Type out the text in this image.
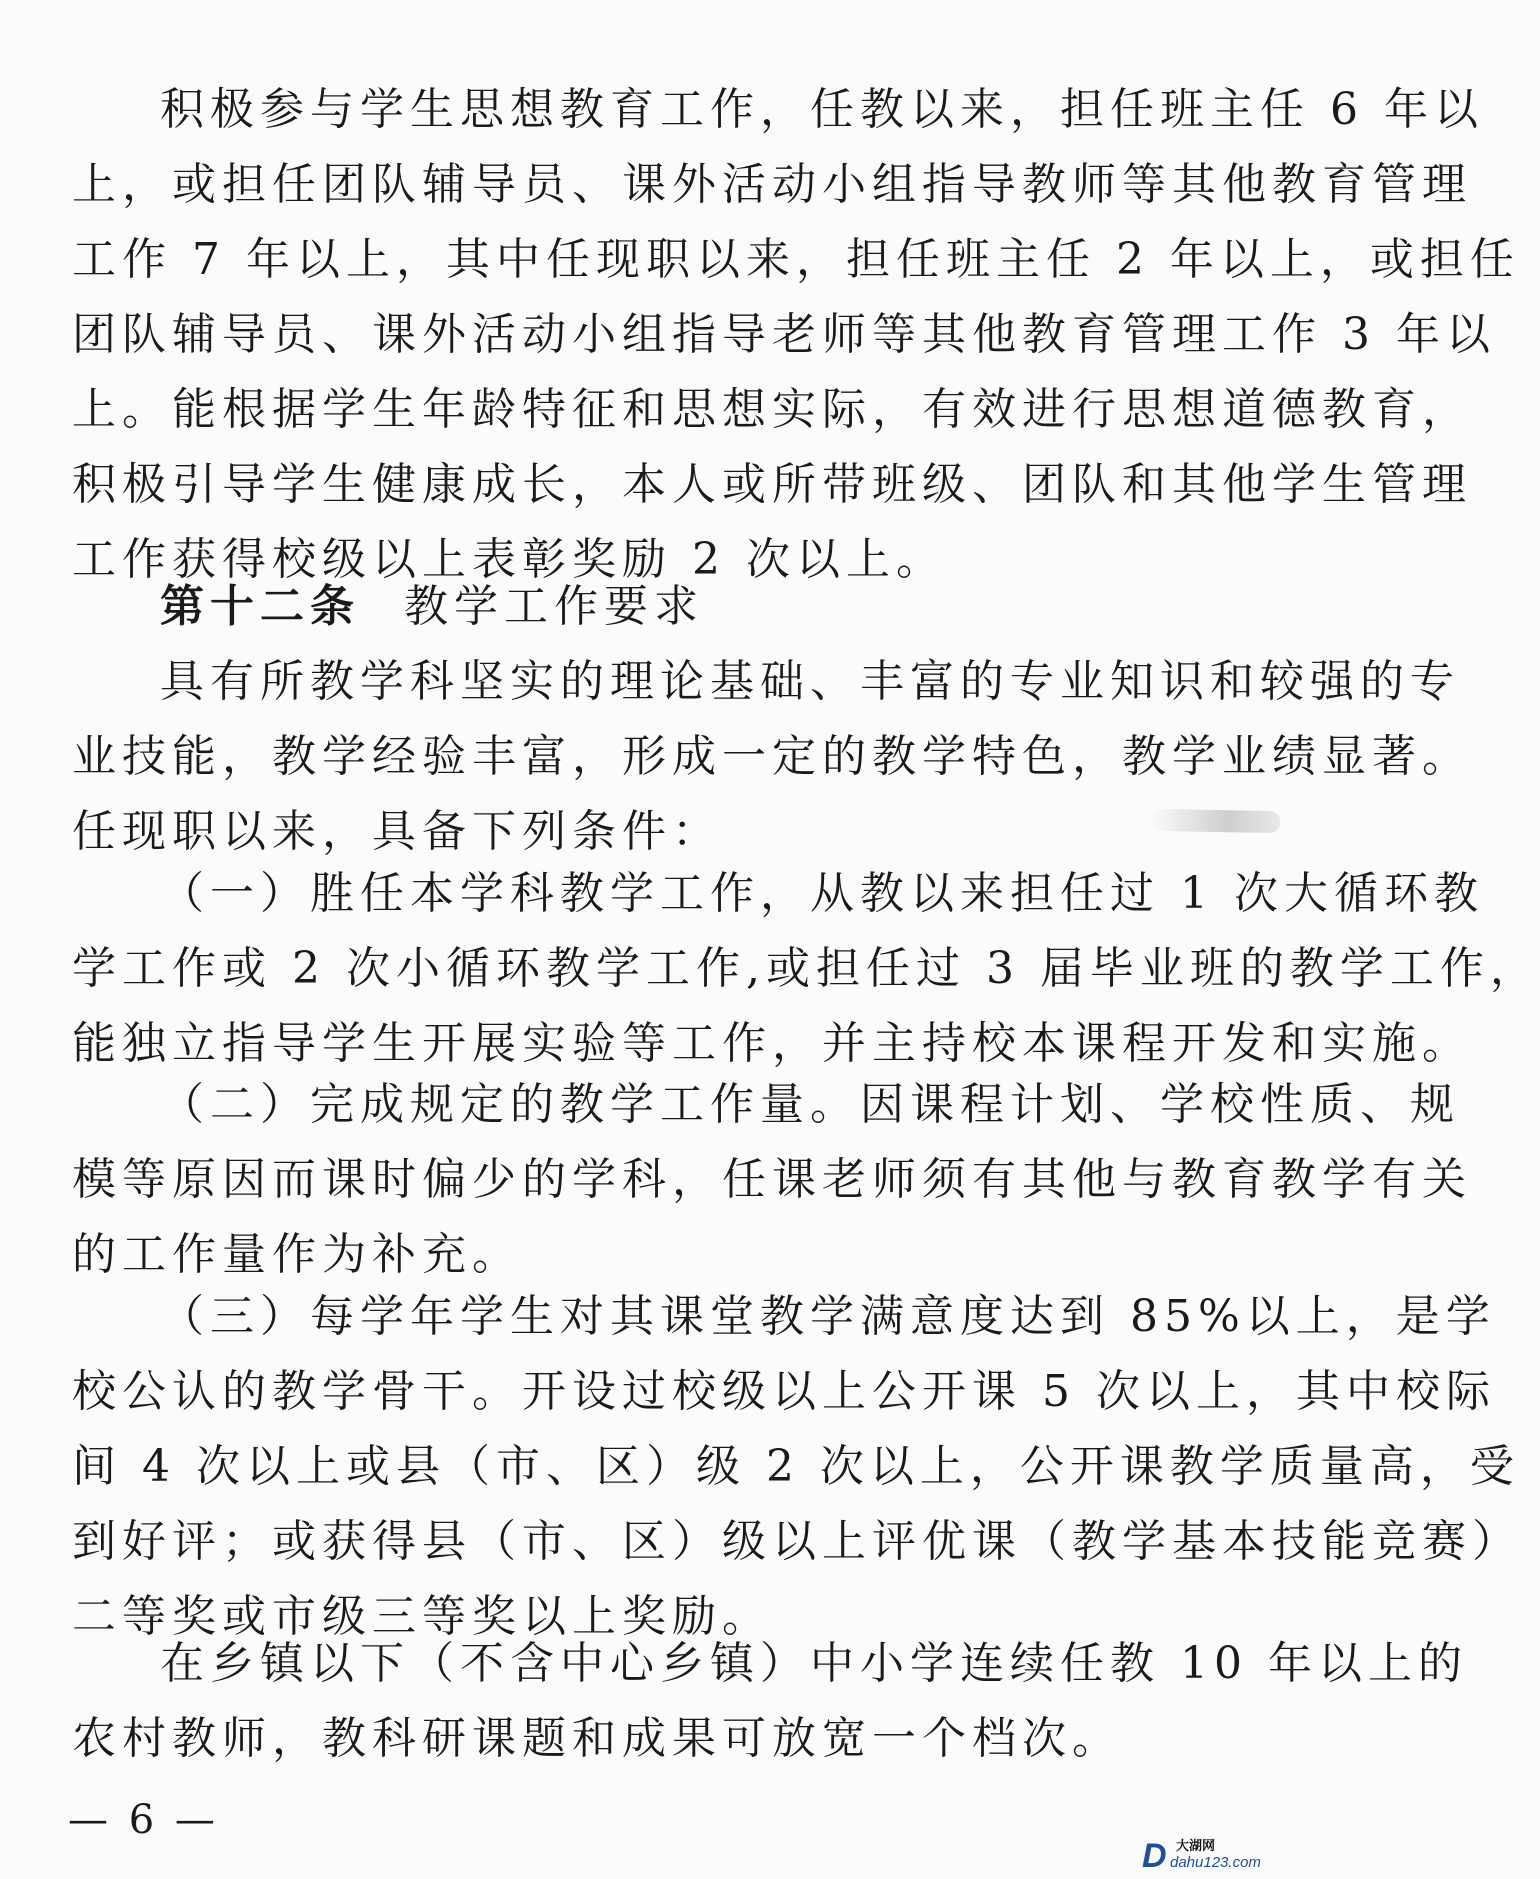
积极参与学生思想教育工作，任教以来，担任班主任 6 年以
上，或担任团队辅导员、课外活动小组指导教师等其他教育管理
工作 7 年以上，其中任现职以来，担任班主任 2 年以上，或担任
团队辅导员、课外活动小组指导老师等其他教育管理工作 3 年以
上。能根据学生年龄特征和思想实际，有效进行思想道德教育，
积极引导学生健康成长，本人或所带班级、团队和其他学生管理
工作获得校级以上表彰奖励 2 次以上。
第十二条 教学工作要求
具有所教学科坚实的理论基础、丰富的专业知识和较强的专
业技能，教学经验丰富，形成一定的教学特色，教学业绩显著。
任现职以来，具备下列条件：
（一）胜任本学科教学工作，从教以来担任过 1 次大循环教
学工作或 2 次小循环教学工作,或担任过 3 届毕业班的教学工作，
能独立指导学生开展实验等工作，并主持校本课程开发和实施。
（二）完成规定的教学工作量。因课程计划、学校性质、规
模等原因而课时偏少的学科，任课老师须有其他与教育教学有关
的工作量作为补充。
（三）每学年学生对其课堂教学满意度达到 85%以上，是学
校公认的教学骨干。开设过校级以上公开课 5 次以上，其中校际
间 4 次以上或县（市、区）级 2 次以上，公开课教学质量高，受
到好评；或获得县（市、区）级以上评优课（教学基本技能竞赛）
二等奖或市级三等奖以上奖励。
在乡镇以下（不含中心乡镇）中小学连续任教 10 年以上的
农村教师，教科研课题和成果可放宽一个档次。
— 6 —
D 大湖网
dahu123.com
